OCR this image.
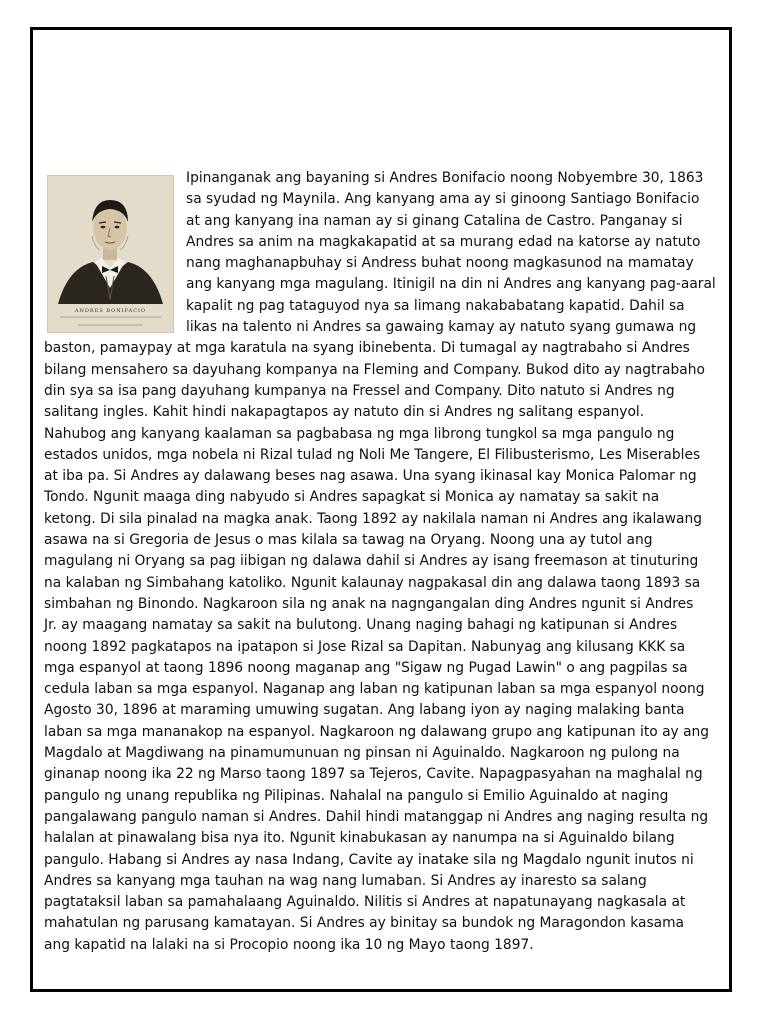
ANDRES BONIFACIO
Ipinanganak ang bayaning si Andres Bonifacio noong Nobyembre 30, 1863
sa syudad ng Maynila. Ang kanyang ama ay si ginoong Santiago Bonifacio
at ang kanyang ina naman ay si ginang Catalina de Castro. Panganay si
Andres sa anim na magkakapatid at sa murang edad na katorse ay natuto
nang maghanapbuhay si Andress buhat noong magkasunod na mamatay
ang kanyang mga magulang. Itinigil na din ni Andres ang kanyang pag-aaral
kapalit ng pag tataguyod nya sa limang nakababatang kapatid. Dahil sa
likas na talento ni Andres sa gawaing kamay ay natuto syang gumawa ng
baston, pamaypay at mga karatula na syang ibinebenta. Di tumagal ay nagtrabaho si Andres
bilang mensahero sa dayuhang kompanya na Fleming and Company. Bukod dito ay nagtrabaho
din sya sa isa pang dayuhang kumpanya na Fressel and Company. Dito natuto si Andres ng
salitang ingles. Kahit hindi nakapagtapos ay natuto din si Andres ng salitang espanyol.
Nahubog ang kanyang kaalaman sa pagbabasa ng mga librong tungkol sa mga pangulo ng
estados unidos, mga nobela ni Rizal tulad ng Noli Me Tangere, El Filibusterismo, Les Miserables
at iba pa. Si Andres ay dalawang beses nag asawa. Una syang ikinasal kay Monica Palomar ng
Tondo. Ngunit maaga ding nabyudo si Andres sapagkat si Monica ay namatay sa sakit na
ketong. Di sila pinalad na magka anak. Taong 1892 ay nakilala naman ni Andres ang ikalawang
asawa na si Gregoria de Jesus o mas kilala sa tawag na Oryang. Noong una ay tutol ang
magulang ni Oryang sa pag iibigan ng dalawa dahil si Andres ay isang freemason at tinuturing
na kalaban ng Simbahang katoliko. Ngunit kalaunay nagpakasal din ang dalawa taong 1893 sa
simbahan ng Binondo. Nagkaroon sila ng anak na nagngangalan ding Andres ngunit si Andres
Jr. ay maagang namatay sa sakit na bulutong. Unang naging bahagi ng katipunan si Andres
noong 1892 pagkatapos na ipatapon si Jose Rizal sa Dapitan. Nabunyag ang kilusang KKK sa
mga espanyol at taong 1896 noong maganap ang "Sigaw ng Pugad Lawin" o ang pagpilas sa
cedula laban sa mga espanyol. Naganap ang laban ng katipunan laban sa mga espanyol noong
Agosto 30, 1896 at maraming umuwing sugatan. Ang labang iyon ay naging malaking banta
laban sa mga mananakop na espanyol. Nagkaroon ng dalawang grupo ang katipunan ito ay ang
Magdalo at Magdiwang na pinamumunuan ng pinsan ni Aguinaldo. Nagkaroon ng pulong na
ginanap noong ika 22 ng Marso taong 1897 sa Tejeros, Cavite. Napagpasyahan na maghalal ng
pangulo ng unang republika ng Pilipinas. Nahalal na pangulo si Emilio Aguinaldo at naging
pangalawang pangulo naman si Andres. Dahil hindi matanggap ni Andres ang naging resulta ng
halalan at pinawalang bisa nya ito. Ngunit kinabukasan ay nanumpa na si Aguinaldo bilang
pangulo. Habang si Andres ay nasa Indang, Cavite ay inatake sila ng Magdalo ngunit inutos ni
Andres sa kanyang mga tauhan na wag nang lumaban. Si Andres ay inaresto sa salang
pagtataksil laban sa pamahalaang Aguinaldo. Nilitis si Andres at napatunayang nagkasala at
mahatulan ng parusang kamatayan. Si Andres ay binitay sa bundok ng Maragondon kasama
ang kapatid na lalaki na si Procopio noong ika 10 ng Mayo taong 1897.
